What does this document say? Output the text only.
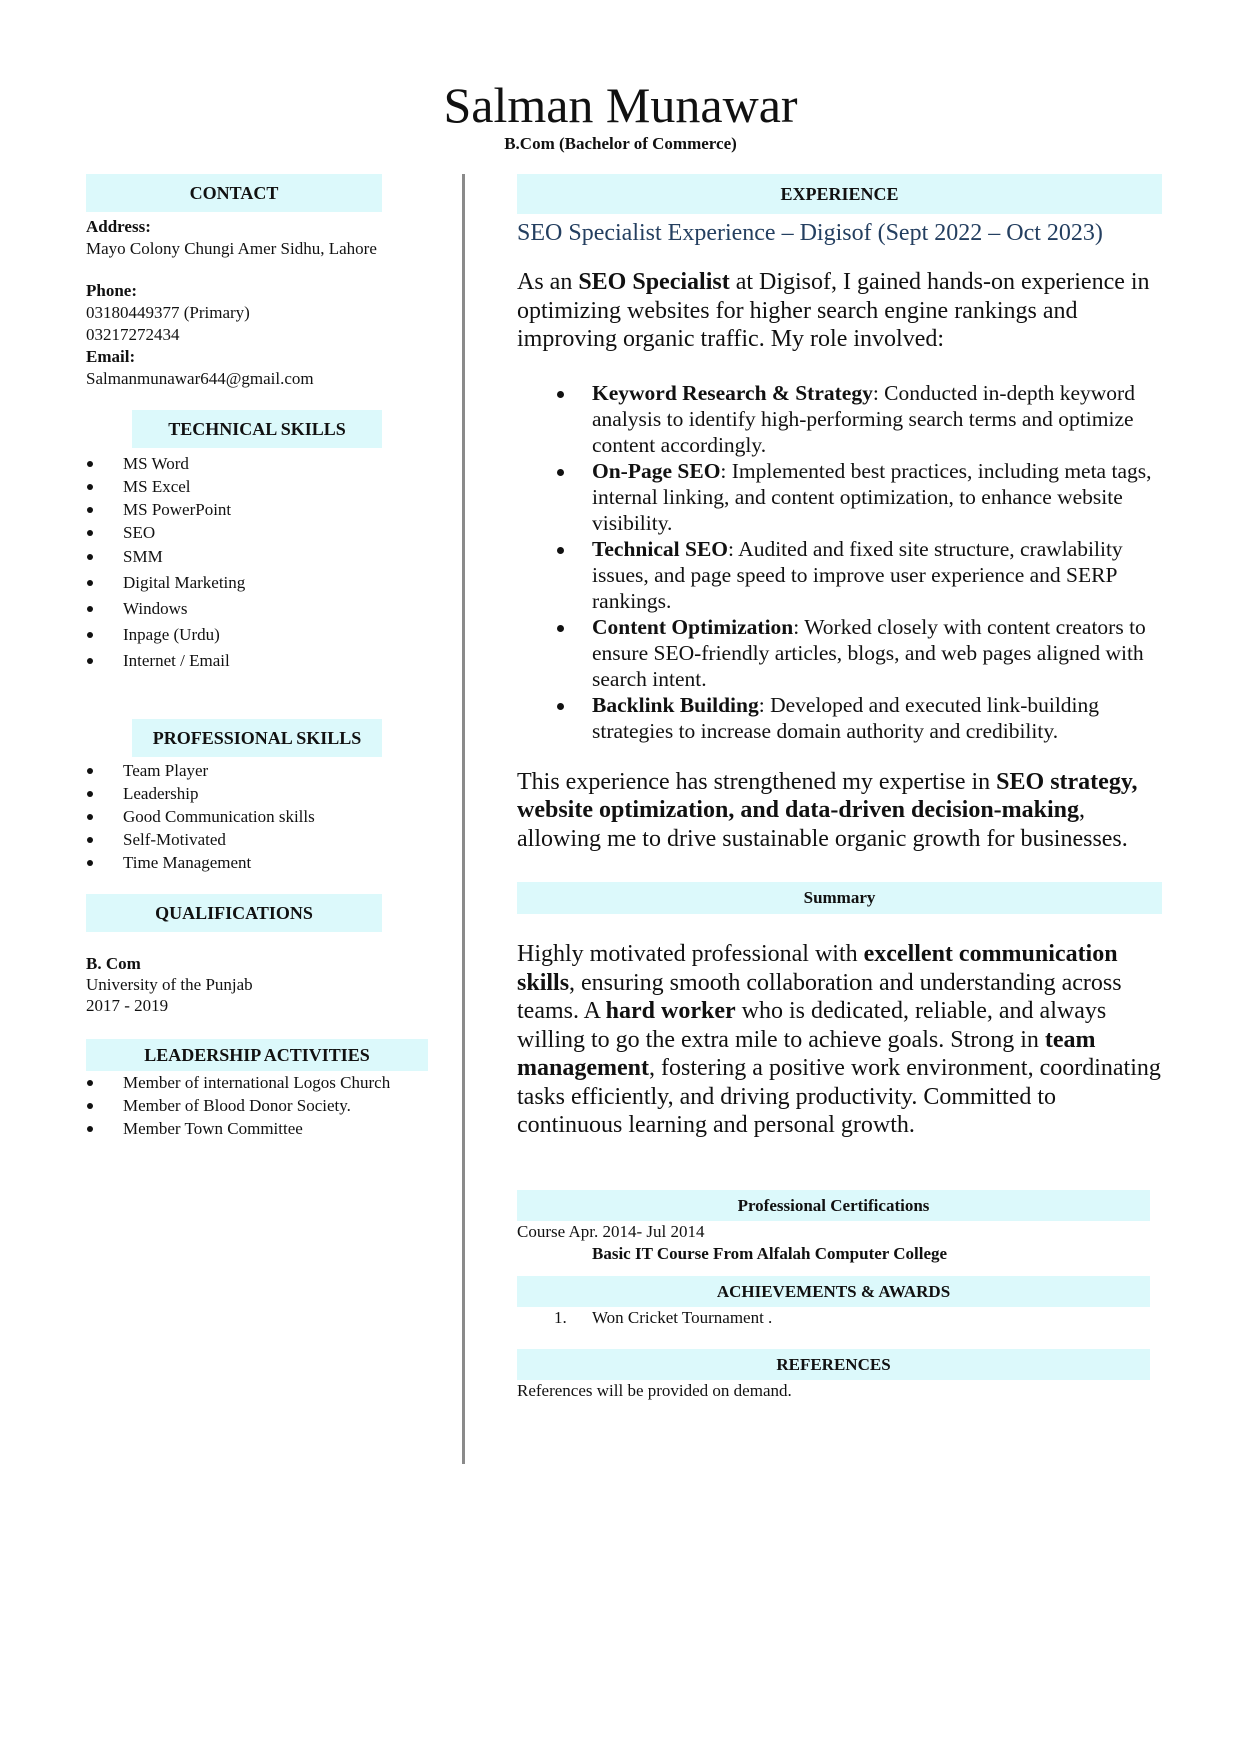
Salman Munawar
B.Com (Bachelor of Commerce)
CONTACT
Address:
Mayo Colony Chungi Amer Sidhu, Lahore
Phone:
03180449377 (Primary)
03217272434
Email:
Salmanmunawar644@gmail.com
TECHNICAL SKILLS
MS Word
MS Excel
MS PowerPoint
SEO
SMM
Digital Marketing
Windows
Inpage (Urdu)
Internet / Email
PROFESSIONAL SKILLS
Team Player
Leadership
Good Communication skills
Self-Motivated
Time Management
QUALIFICATIONS
B. Com
University of the Punjab
2017 - 2019
LEADERSHIP ACTIVITIES
Member of international Logos Church
Member of Blood Donor Society.
Member Town Committee
EXPERIENCE
SEO Specialist Experience – Digisof (Sept 2022 – Oct 2023)
As an SEO Specialist at Digisof, I gained hands-on experience in optimizing websites for higher search engine rankings and improving organic traffic. My role involved:
Keyword Research & Strategy: Conducted in-depth keyword analysis to identify high-performing search terms and optimize content accordingly.
On-Page SEO: Implemented best practices, including meta tags, internal linking, and content optimization, to enhance website visibility.
Technical SEO: Audited and fixed site structure, crawlability issues, and page speed to improve user experience and SERP rankings.
Content Optimization: Worked closely with content creators to ensure SEO-friendly articles, blogs, and web pages aligned with search intent.
Backlink Building: Developed and executed link-building strategies to increase domain authority and credibility.
This experience has strengthened my expertise in SEO strategy, website optimization, and data-driven decision-making, allowing me to drive sustainable organic growth for businesses.
Summary
Highly motivated professional with excellent communication skills, ensuring smooth collaboration and understanding across teams. A hard worker who is dedicated, reliable, and always willing to go the extra mile to achieve goals. Strong in team management, fostering a positive work environment, coordinating tasks efficiently, and driving productivity. Committed to continuous learning and personal growth.
Professional Certifications
Course Apr. 2014- Jul 2014
Basic IT Course From Alfalah Computer College
ACHIEVEMENTS & AWARDS
1. Won Cricket Tournament .
REFERENCES
References will be provided on demand.
